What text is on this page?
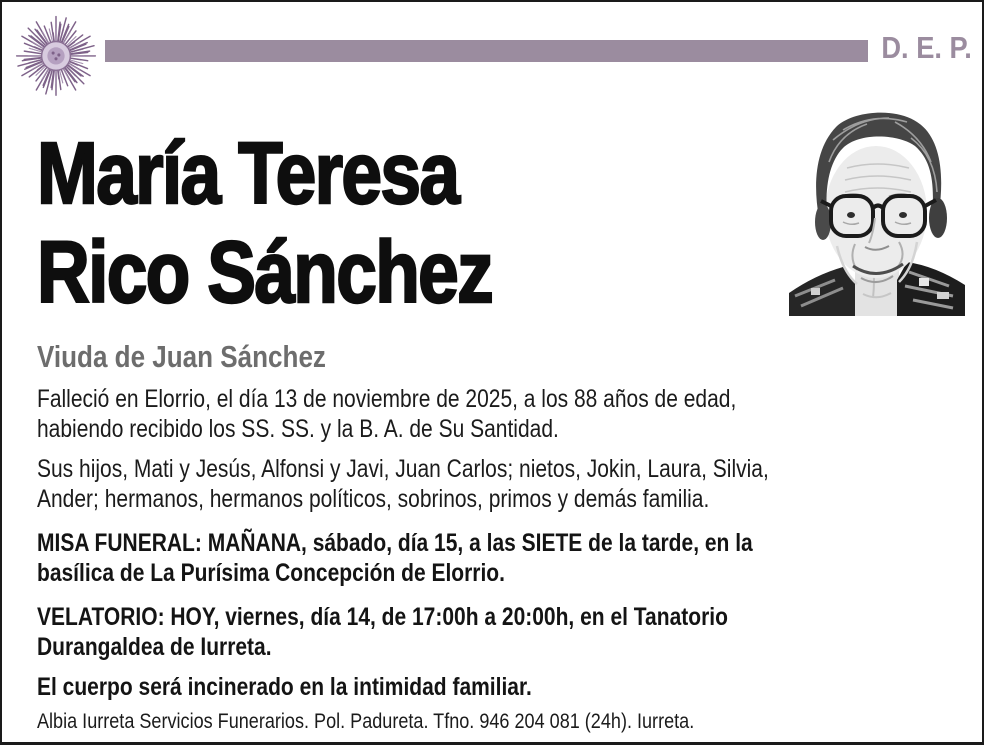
D. E. P.
María Teresa
Rico Sánchez
Viuda de Juan Sánchez
Falleció en Elorrio, el día 13 de noviembre de 2025, a los 88 años de edad,
habiendo recibido los SS. SS. y la B. A. de Su Santidad.
Sus hijos, Mati y Jesús, Alfonsi y Javi, Juan Carlos; nietos, Jokin, Laura, Silvia,
Ander; hermanos, hermanos políticos, sobrinos, primos y demás familia.
MISA FUNERAL: MAÑANA, sábado, día 15, a las SIETE de la tarde, en la
basílica de La Purísima Concepción de Elorrio.
VELATORIO: HOY, viernes, día 14, de 17:00h a 20:00h, en el Tanatorio
Durangaldea de Iurreta.
El cuerpo será incinerado en la intimidad familiar.
Albia Iurreta Servicios Funerarios. Pol. Padureta. Tfno. 946 204 081 (24h). Iurreta.
